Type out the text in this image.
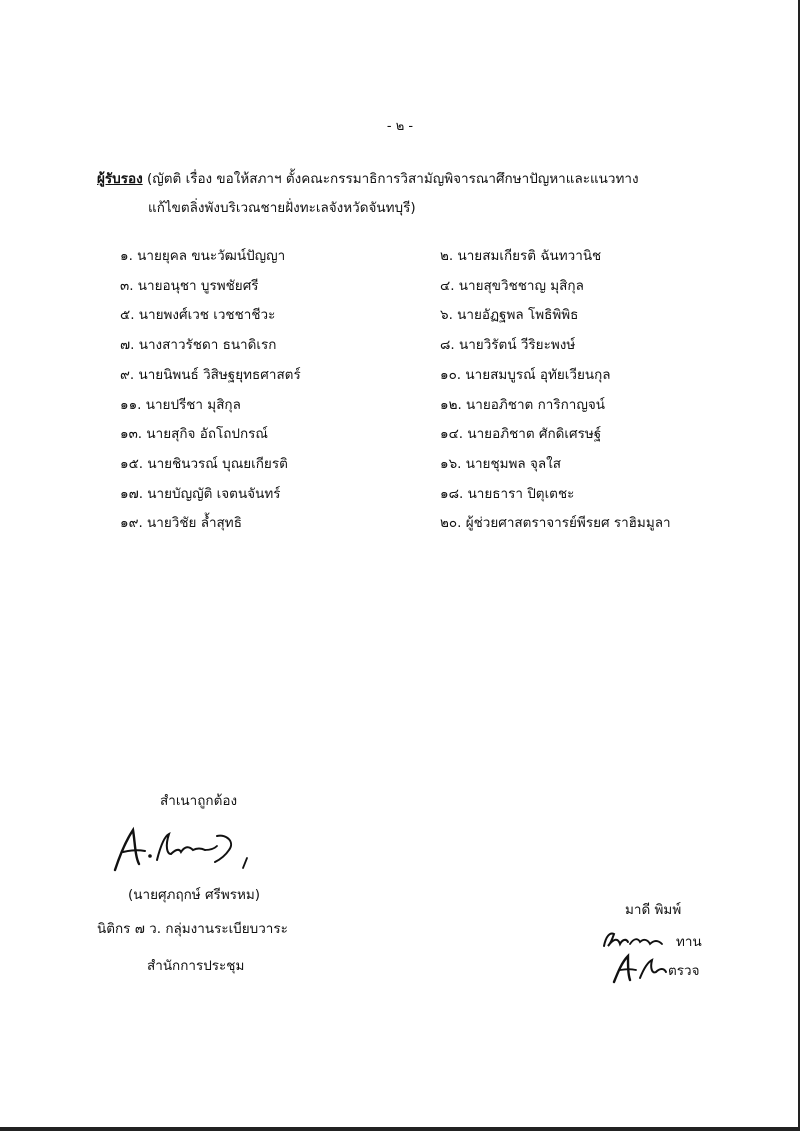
- ๒ -
ผู้รับรอง (ญัตติ เรื่อง ขอให้สภาฯ ตั้งคณะกรรมาธิการวิสามัญพิจารณาศึกษาปัญหาและแนวทาง
แก้ไขตลิ่งพังบริเวณชายฝั่งทะเลจังหวัดจันทบุรี)
๑. นายยุคล ขนะวัฒน์ปัญญา	๒. นายสมเกียรติ ฉันทวานิช
๓. นายอนุชา บูรพชัยศรี	๔. นายสุขวิชชาญ มุสิกุล
๕. นายพงศ์เวช เวชชาชีวะ	๖. นายอัฏฐพล โพธิพิพิธ
๗. นางสาวรัชดา ธนาดิเรก	๘. นายวิรัตน์ วีริยะพงษ์
๙. นายนิพนธ์ วิสิษฐยุทธศาสตร์	๑๐. นายสมบูรณ์ อุทัยเวียนกุล
๑๑. นายปรีชา มุสิกุล	๑๒. นายอภิชาต การิกาญจน์
๑๓. นายสุกิจ อัถโถปกรณ์	๑๔. นายอภิชาต ศักดิเศรษฐ์
๑๕. นายชินวรณ์ บุณยเกียรติ	๑๖. นายชุมพล จุลใส
๑๗. นายบัญญัติ เจตนจันทร์	๑๘. นายธารา ปิตุเตชะ
๑๙. นายวิชัย ล้ำสุทธิ	๒๐. ผู้ช่วยศาสตราจารย์พีรยศ ราฮิมมูลา
สำเนาถูกต้อง
(นายศุภฤกษ์ ศรีพรหม)
นิติกร ๗ ว. กลุ่มงานระเบียบวาระ
สำนักการประชุม
มาดี พิมพ์
ทาน
ตรวจ
